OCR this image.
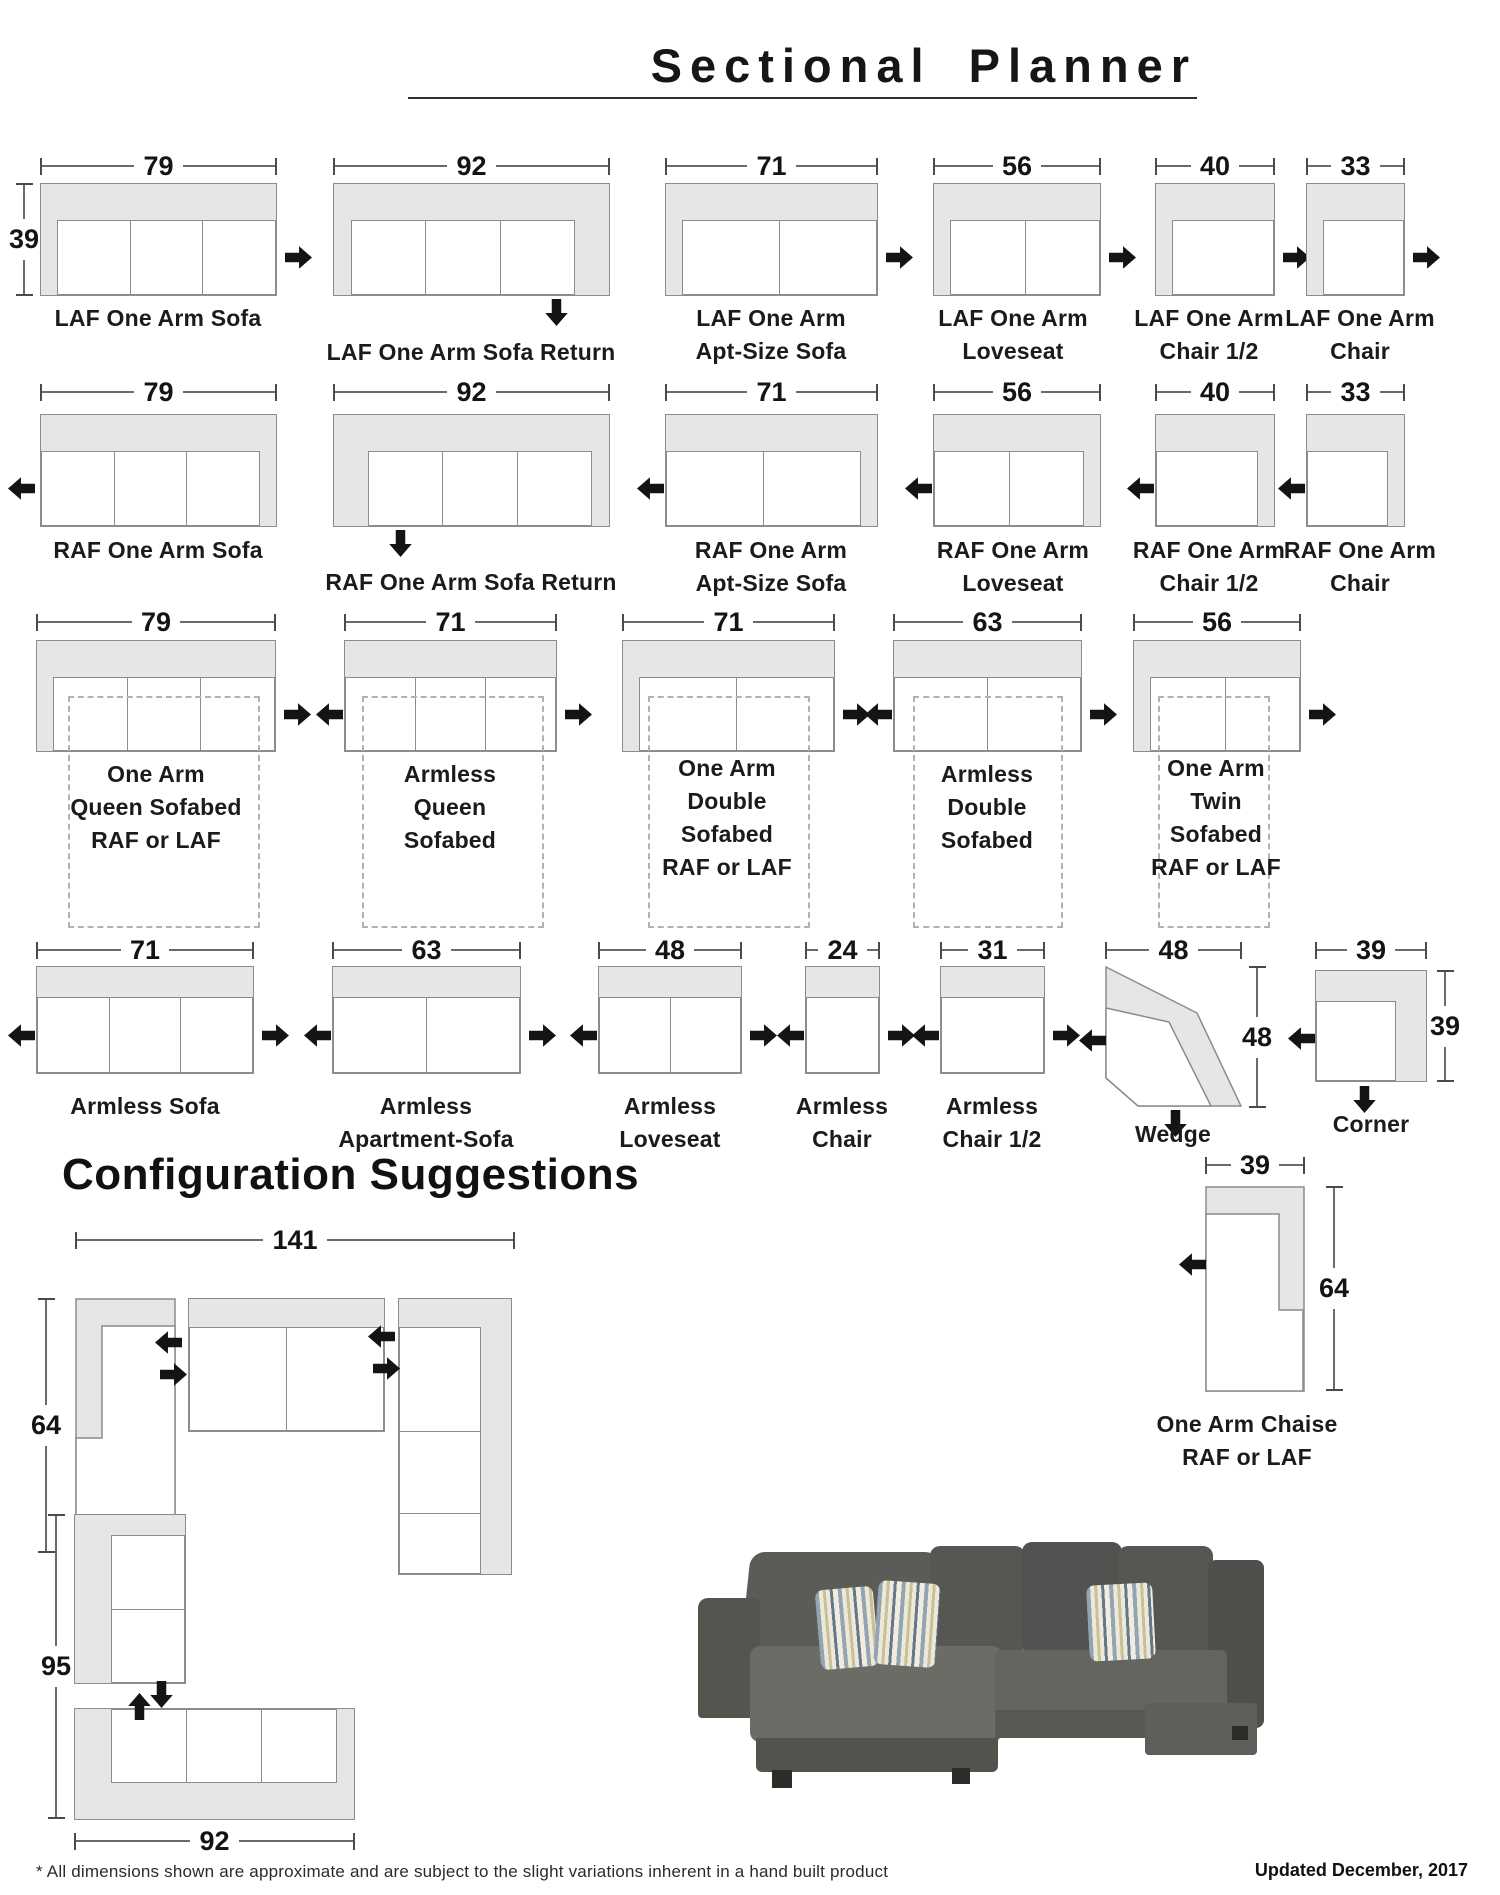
Sectional Planner
79
39
LAF One Arm Sofa
92
LAF One Arm Sofa Return
71
LAF One Arm
Apt-Size Sofa
56
LAF One Arm
Loveseat
40
LAF One Arm
Chair 1/2
33
LAF One Arm
Chair
79
RAF One Arm Sofa
92
RAF One Arm Sofa Return
71
RAF One Arm
Apt-Size Sofa
56
RAF One Arm
Loveseat
40
RAF One Arm
Chair 1/2
33
RAF One Arm
Chair
79
One Arm
Queen Sofabed
RAF or LAF
71
Armless
Queen
Sofabed
71
One Arm
Double
Sofabed
RAF or LAF
63
Armless
Double
Sofabed
56
One Arm
Twin
Sofabed
RAF or LAF
71
Armless Sofa
63
Armless
Apartment-Sofa
48
Armless
Loveseat
24
Armless
Chair
31
Armless
Chair 1/2
48
48
Wedge
39
39
Corner
39
64
One Arm Chaise
RAF or LAF
141
64
95
92
Configuration Suggestions
* All dimensions shown are approximate and are subject to the slight variations inherent in a hand built product	Updated December, 2017
